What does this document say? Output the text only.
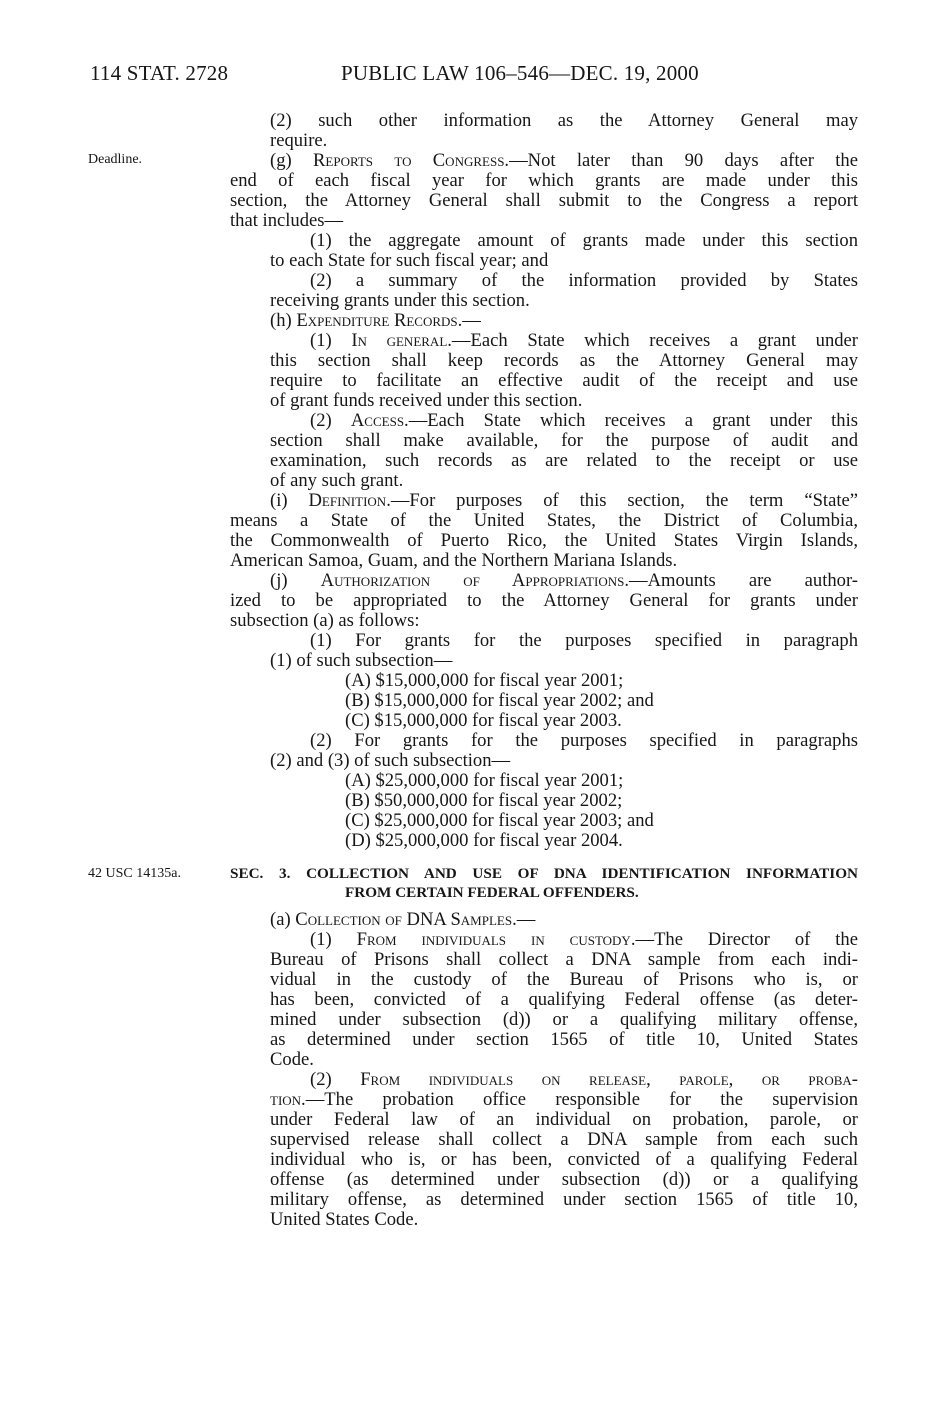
114 STAT. 2728	PUBLIC LAW 106–546—DEC. 19, 2000
Deadline.
42 USC 14135a.
(2) such other information as the Attorney General may
require.
(g) Reports to Congress.—Not later than 90 days after the
end of each fiscal year for which grants are made under this
section, the Attorney General shall submit to the Congress a report
that includes—
(1) the aggregate amount of grants made under this section
to each State for such fiscal year; and
(2) a summary of the information provided by States
receiving grants under this section.
(h) Expenditure Records.—
(1) In general.—Each State which receives a grant under
this section shall keep records as the Attorney General may
require to facilitate an effective audit of the receipt and use
of grant funds received under this section.
(2) Access.—Each State which receives a grant under this
section shall make available, for the purpose of audit and
examination, such records as are related to the receipt or use
of any such grant.
(i) Definition.—For purposes of this section, the term “State”
means a State of the United States, the District of Columbia,
the Commonwealth of Puerto Rico, the United States Virgin Islands,
American Samoa, Guam, and the Northern Mariana Islands.
(j) Authorization of Appropriations.—Amounts are author-
ized to be appropriated to the Attorney General for grants under
subsection (a) as follows:
(1) For grants for the purposes specified in paragraph
(1) of such subsection—
(A) $15,000,000 for fiscal year 2001;
(B) $15,000,000 for fiscal year 2002; and
(C) $15,000,000 for fiscal year 2003.
(2) For grants for the purposes specified in paragraphs
(2) and (3) of such subsection—
(A) $25,000,000 for fiscal year 2001;
(B) $50,000,000 for fiscal year 2002;
(C) $25,000,000 for fiscal year 2003; and
(D) $25,000,000 for fiscal year 2004.
SEC. 3. COLLECTION AND USE OF DNA IDENTIFICATION INFORMATION
FROM CERTAIN FEDERAL OFFENDERS.
(a) Collection of DNA Samples.—
(1) From individuals in custody.—The Director of the
Bureau of Prisons shall collect a DNA sample from each indi-
vidual in the custody of the Bureau of Prisons who is, or
has been, convicted of a qualifying Federal offense (as deter-
mined under subsection (d)) or a qualifying military offense,
as determined under section 1565 of title 10, United States
Code.
(2) From individuals on release, parole, or proba-
tion.—The probation office responsible for the supervision
under Federal law of an individual on probation, parole, or
supervised release shall collect a DNA sample from each such
individual who is, or has been, convicted of a qualifying Federal
offense (as determined under subsection (d)) or a qualifying
military offense, as determined under section 1565 of title 10,
United States Code.
